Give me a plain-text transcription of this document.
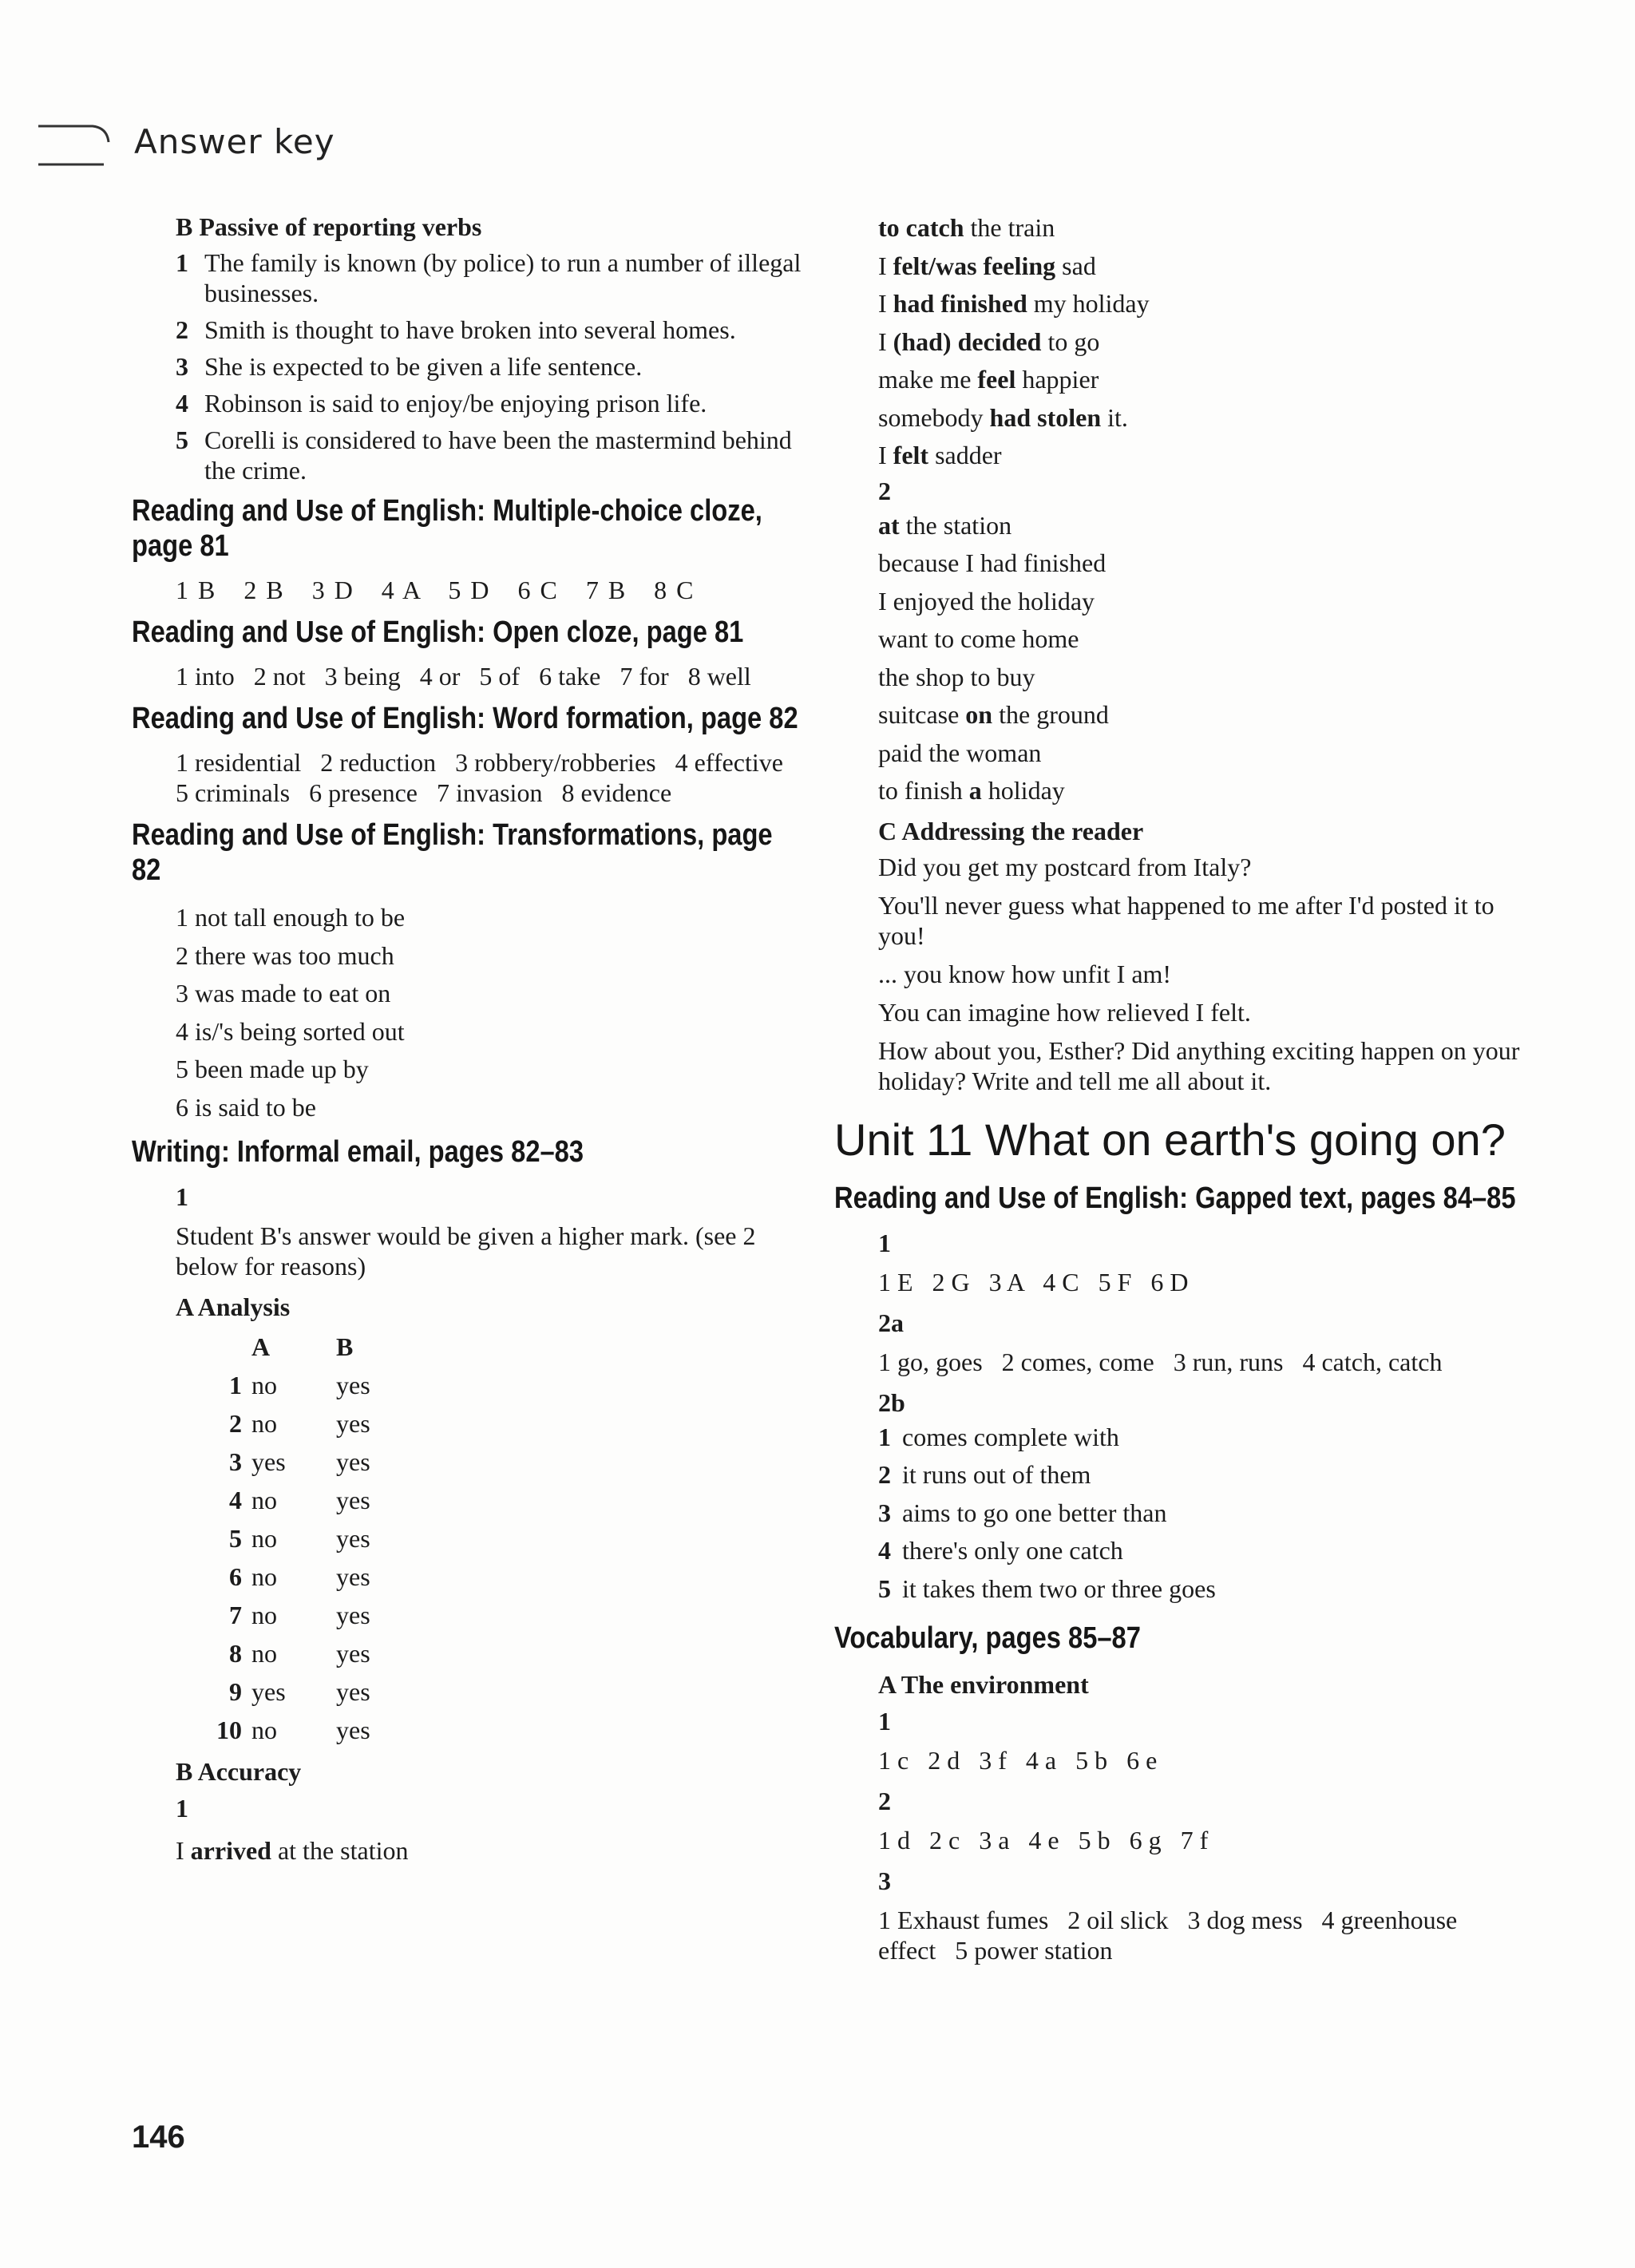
Answer key
B Passive of reporting verbs
1 The family is known (by police) to run a number of illegal businesses.
2 Smith is thought to have broken into several homes.
3 She is expected to be given a life sentence.
4 Robinson is said to enjoy/be enjoying prison life.
5 Corelli is considered to have been the mastermind behind the crime.
Reading and Use of English: Multiple-choice cloze, page 81
1 B   2 B   3 D   4 A   5 D   6 C   7 B   8 C
Reading and Use of English: Open cloze, page 81
1 into   2 not   3 being   4 or   5 of   6 take   7 for   8 well
Reading and Use of English: Word formation, page 82
1 residential   2 reduction   3 robbery/robberies   4 effective   5 criminals   6 presence   7 invasion   8 evidence
Reading and Use of English: Transformations, page 82
1 not tall enough to be
2 there was too much
3 was made to eat on
4 is/'s being sorted out
5 been made up by
6 is said to be
Writing: Informal email, pages 82–83
1
Student B's answer would be given a higher mark. (see 2 below for reasons)
A Analysis
	A	B
1	no	yes
2	no	yes
3	yes	yes
4	no	yes
5	no	yes
6	no	yes
7	no	yes
8	no	yes
9	yes	yes
10	no	yes
B Accuracy
1
I arrived at the station
146
to catch the train
I felt/was feeling sad
I had finished my holiday
I (had) decided to go
make me feel happier
somebody had stolen it.
I felt sadder
2
at the station
because I had finished
I enjoyed the holiday
want to come home
the shop to buy
suitcase on the ground
paid the woman
to finish a holiday
C Addressing the reader
Did you get my postcard from Italy?
You'll never guess what happened to me after I'd posted it to you!
... you know how unfit I am!
You can imagine how relieved I felt.
How about you, Esther? Did anything exciting happen on your holiday? Write and tell me all about it.
Unit 11 What on earth's going on?
Reading and Use of English: Gapped text, pages 84–85
1
1 E   2 G   3 A   4 C   5 F   6 D
2a
1 go, goes   2 comes, come   3 run, runs   4 catch, catch
2b
1 comes complete with
2 it runs out of them
3 aims to go one better than
4 there's only one catch
5 it takes them two or three goes
Vocabulary, pages 85–87
A The environment
1
1 c   2 d   3 f   4 a   5 b   6 e
2
1 d   2 c   3 a   4 e   5 b   6 g   7 f
3
1 Exhaust fumes   2 oil slick   3 dog mess   4 greenhouse effect   5 power station
